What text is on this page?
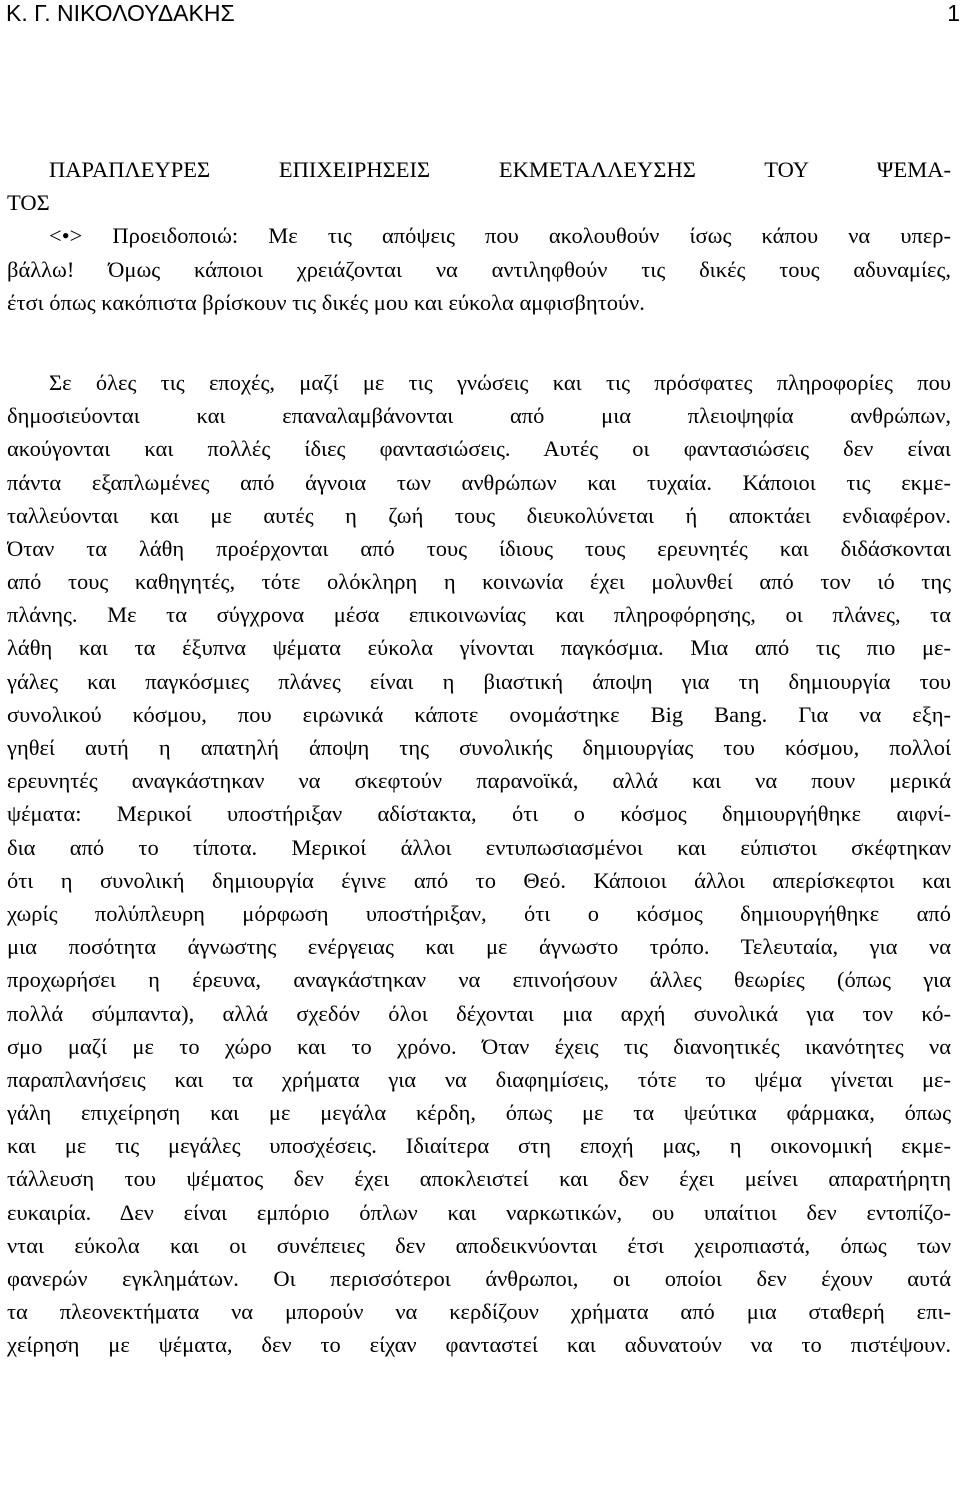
Κ. Γ. ΝΙΚΟΛΟΥΔΑΚΗΣ	1
ΠΑΡΑΠΛΕΥΡΕΣ ΕΠΙΧΕΙΡΗΣΕΙΣ ΕΚΜΕΤΑΛΛΕΥΣΗΣ ΤΟΥ ΨΕΜΑ-
ΤΟΣ
<•> Προειδοποιώ: Με τις απόψεις που ακολουθούν ίσως κάπου να υπερ-
βάλλω! Όμως κάποιοι χρειάζονται να αντιληφθούν τις δικές τους αδυναμίες,
έτσι όπως κακόπιστα βρίσκουν τις δικές μου και εύκολα αμφισβητούν.
Σε όλες τις εποχές, μαζί με τις γνώσεις και τις πρόσφατες πληροφορίες που
δημοσιεύονται και επαναλαμβάνονται από μια πλειοψηφία ανθρώπων,
ακούγονται και πολλές ίδιες φαντασιώσεις. Αυτές οι φαντασιώσεις δεν είναι
πάντα εξαπλωμένες από άγνοια των ανθρώπων και τυχαία. Κάποιοι τις εκμε-
ταλλεύονται και με αυτές η ζωή τους διευκολύνεται ή αποκτάει ενδιαφέρον.
Όταν τα λάθη προέρχονται από τους ίδιους τους ερευνητές και διδάσκονται
από τους καθηγητές, τότε ολόκληρη η κοινωνία έχει μολυνθεί από τον ιό της
πλάνης. Με τα σύγχρονα μέσα επικοινωνίας και πληροφόρησης, οι πλάνες, τα
λάθη και τα έξυπνα ψέματα εύκολα γίνονται παγκόσμια. Μια από τις πιο με-
γάλες και παγκόσμιες πλάνες είναι η βιαστική άποψη για τη δημιουργία του
συνολικού κόσμου, που ειρωνικά κάποτε ονομάστηκε Big Bang. Για να εξη-
γηθεί αυτή η απατηλή άποψη της συνολικής δημιουργίας του κόσμου, πολλοί
ερευνητές αναγκάστηκαν να σκεφτούν παρανοϊκά, αλλά και να πουν μερικά
ψέματα: Μερικοί υποστήριξαν αδίστακτα, ότι ο κόσμος δημιουργήθηκε αιφνί-
δια από το τίποτα. Μερικοί άλλοι εντυπωσιασμένοι και εύπιστοι σκέφτηκαν
ότι η συνολική δημιουργία έγινε από το Θεό. Κάποιοι άλλοι απερίσκεφτοι και
χωρίς πολύπλευρη μόρφωση υποστήριξαν, ότι ο κόσμος δημιουργήθηκε από
μια ποσότητα άγνωστης ενέργειας και με άγνωστο τρόπο. Τελευταία, για να
προχωρήσει η έρευνα, αναγκάστηκαν να επινοήσουν άλλες θεωρίες (όπως για
πολλά σύμπαντα), αλλά σχεδόν όλοι δέχονται μια αρχή συνολικά για τον κό-
σμο μαζί με το χώρο και το χρόνο. Όταν έχεις τις διανοητικές ικανότητες να
παραπλανήσεις και τα χρήματα για να διαφημίσεις, τότε το ψέμα γίνεται με-
γάλη επιχείρηση και με μεγάλα κέρδη, όπως με τα ψεύτικα φάρμακα, όπως
και με τις μεγάλες υποσχέσεις. Ιδιαίτερα στη εποχή μας, η οικονομική εκμε-
τάλλευση του ψέματος δεν έχει αποκλειστεί και δεν έχει μείνει απαρατήρητη
ευκαιρία. Δεν είναι εμπόριο όπλων και ναρκωτικών, ου υπαίτιοι δεν εντοπίζο-
νται εύκολα και οι συνέπειες δεν αποδεικνύονται έτσι χειροπιαστά, όπως των
φανερών εγκλημάτων. Οι περισσότεροι άνθρωποι, οι οποίοι δεν έχουν αυτά
τα πλεονεκτήματα να μπορούν να κερδίζουν χρήματα από μια σταθερή επι-
χείρηση με ψέματα, δεν το είχαν φανταστεί και αδυνατούν να το πιστέψουν.
